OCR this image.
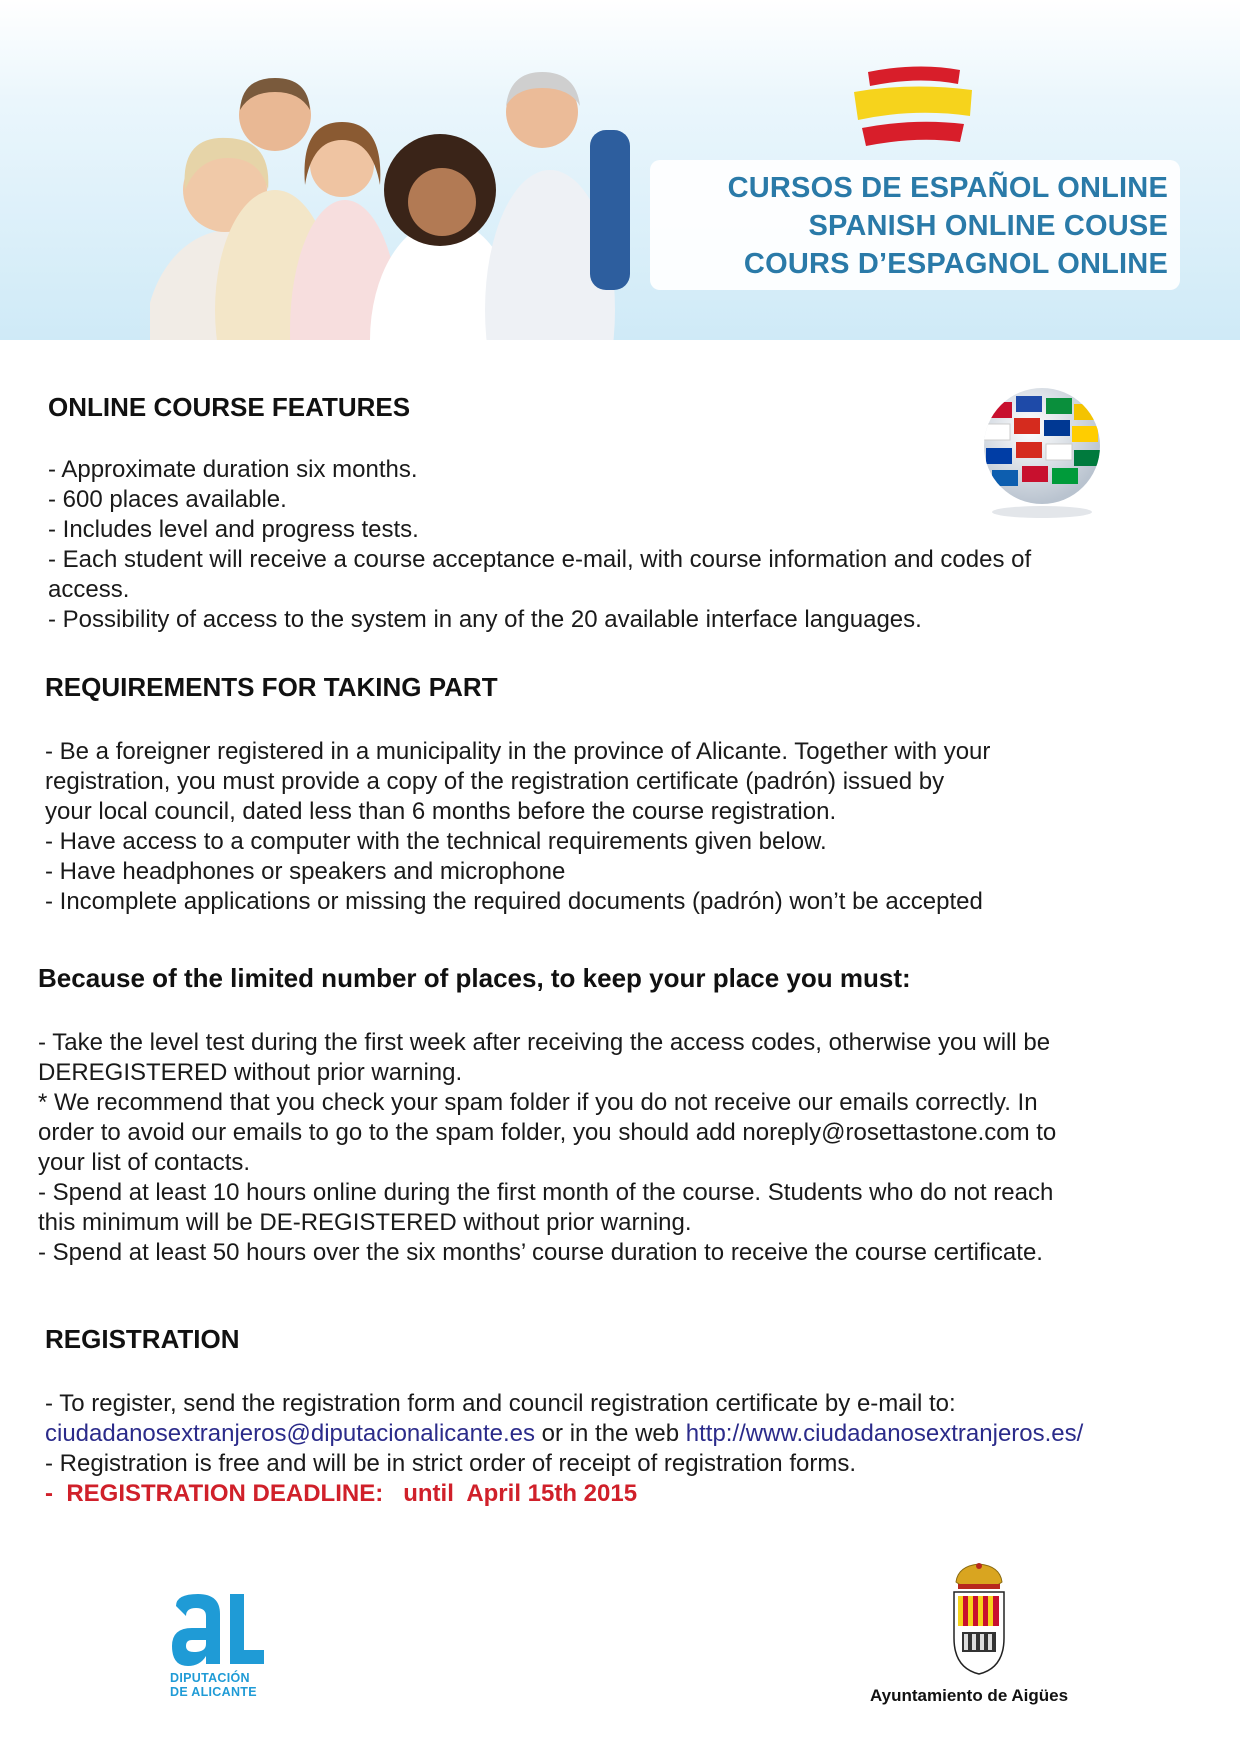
CURSOS DE ESPAÑOL ONLINE
SPANISH ONLINE COUSE
COURS D’ESPAGNOL ONLINE
ONLINE COURSE FEATURES
- Approximate duration six months.
- 600 places available.
- Includes level and progress tests.
- Each student will receive a course acceptance e-mail, with course information and codes of
access.
- Possibility of access to the system in any of the 20 available interface languages.
REQUIREMENTS FOR TAKING PART
- Be a foreigner registered in a municipality in the province of Alicante. Together with your
registration, you must provide a copy of the registration certificate (padrón) issued by
your local council, dated less than 6 months before the course registration.
- Have access to a computer with the technical requirements given below.
- Have headphones or speakers and microphone
- Incomplete applications or missing the required documents (padrón) won’t be accepted
Because of the limited number of places, to keep your place you must:
- Take the level test during the first week after receiving the access codes, otherwise you will be
DEREGISTERED without prior warning.
* We recommend that you check your spam folder if you do not receive our emails correctly. In
order to avoid our emails to go to the spam folder, you should add noreply@rosettastone.com to
your list of contacts.
- Spend at least 10 hours online during the first month of the course. Students who do not reach
this minimum will be DE-REGISTERED without prior warning.
- Spend at least 50 hours over the six months’ course duration to receive the course certificate.
REGISTRATION
- To register, send the registration form and council registration certificate by e-mail to:
ciudadanosextranjeros@diputacionalicante.es or in the web http://www.ciudadanosextranjeros.es/
- Registration is free and will be in strict order of receipt of registration forms.
-  REGISTRATION DEADLINE:   until  April 15th 2015
DIPUTACIÓN
DE ALICANTE	Ayuntamiento de Aigües
